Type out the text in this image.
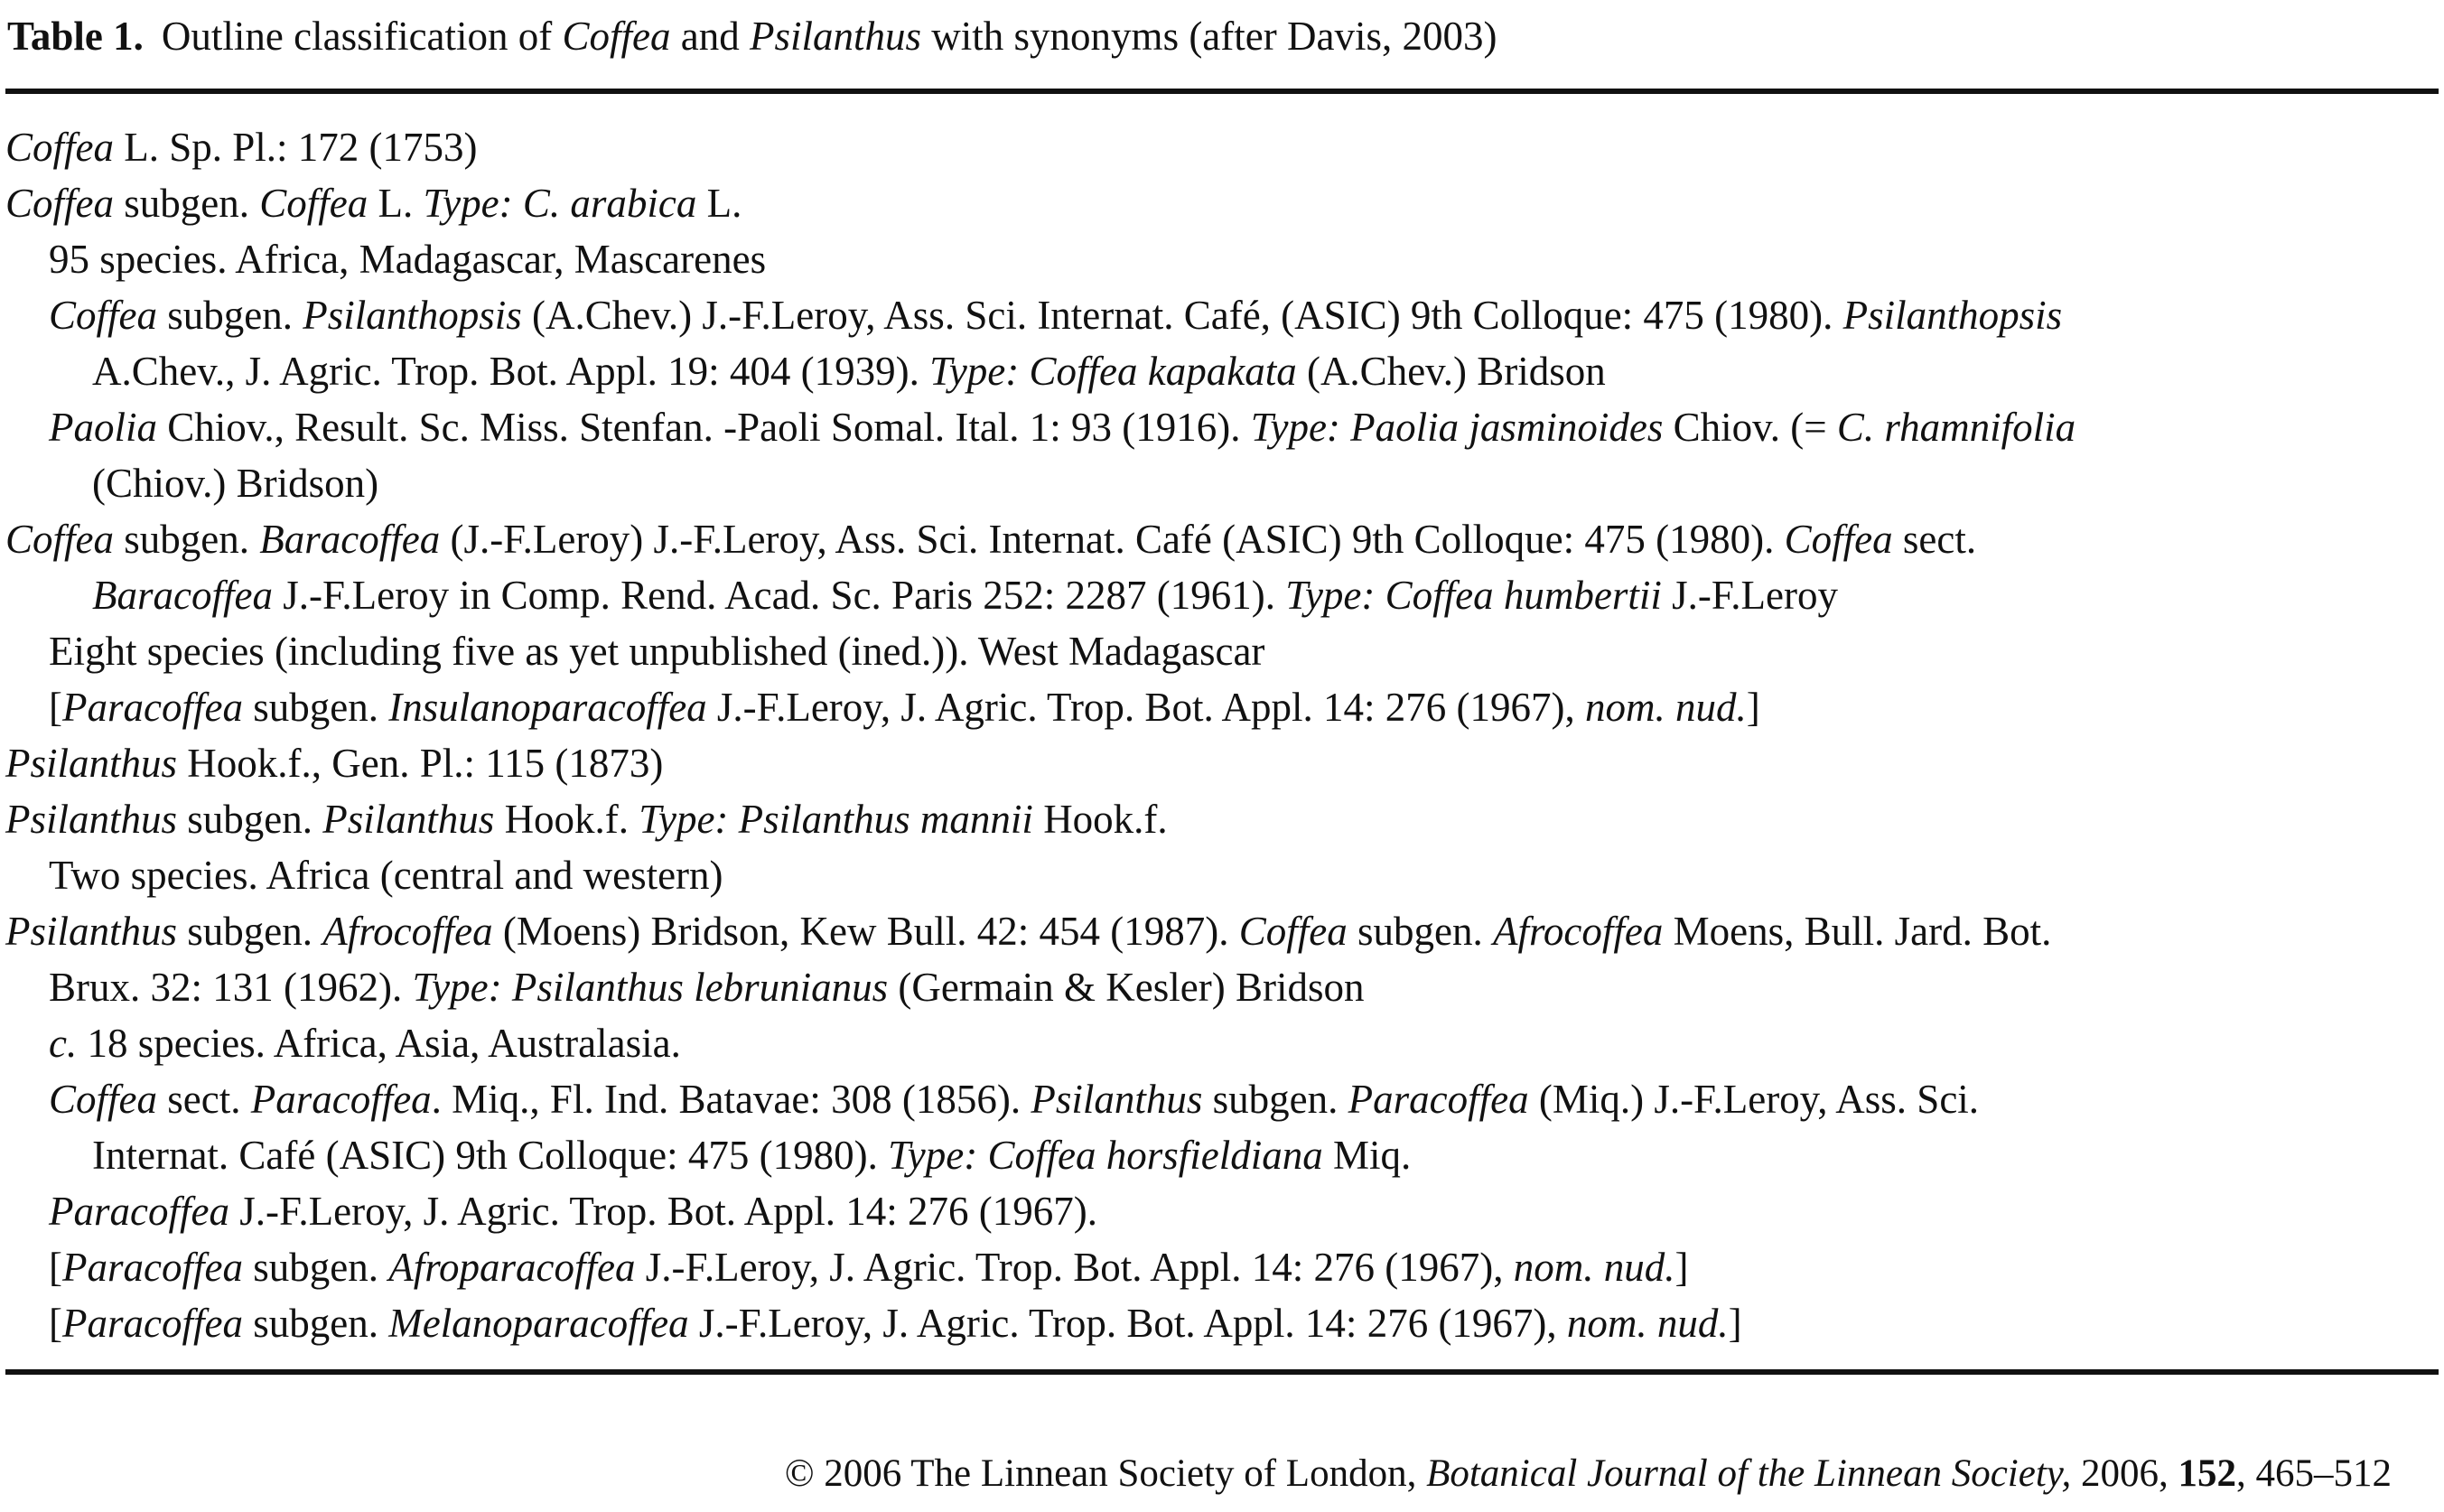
Table 1. Outline classification of Coffea and Psilanthus with synonyms (after Davis, 2003)
Coffea L. Sp. Pl.: 172 (1753)
Coffea subgen. Coffea L. Type: C. arabica L.
95 species. Africa, Madagascar, Mascarenes
Coffea subgen. Psilanthopsis (A.Chev.) J.-F.Leroy, Ass. Sci. Internat. Café, (ASIC) 9th Colloque: 475 (1980). Psilanthopsis
A.Chev., J. Agric. Trop. Bot. Appl. 19: 404 (1939). Type: Coffea kapakata (A.Chev.) Bridson
Paolia Chiov., Result. Sc. Miss. Stenfan. -Paoli Somal. Ital. 1: 93 (1916). Type: Paolia jasminoides Chiov. (= C. rhamnifolia
(Chiov.) Bridson)
Coffea subgen. Baracoffea (J.-F.Leroy) J.-F.Leroy, Ass. Sci. Internat. Café (ASIC) 9th Colloque: 475 (1980). Coffea sect.
Baracoffea J.-F.Leroy in Comp. Rend. Acad. Sc. Paris 252: 2287 (1961). Type: Coffea humbertii J.-F.Leroy
Eight species (including five as yet unpublished (ined.)). West Madagascar
[Paracoffea subgen. Insulanoparacoffea J.-F.Leroy, J. Agric. Trop. Bot. Appl. 14: 276 (1967), nom. nud.]
Psilanthus Hook.f., Gen. Pl.: 115 (1873)
Psilanthus subgen. Psilanthus Hook.f. Type: Psilanthus mannii Hook.f.
Two species. Africa (central and western)
Psilanthus subgen. Afrocoffea (Moens) Bridson, Kew Bull. 42: 454 (1987). Coffea subgen. Afrocoffea Moens, Bull. Jard. Bot.
Brux. 32: 131 (1962). Type: Psilanthus lebrunianus (Germain & Kesler) Bridson
c. 18 species. Africa, Asia, Australasia.
Coffea sect. Paracoffea. Miq., Fl. Ind. Batavae: 308 (1856). Psilanthus subgen. Paracoffea (Miq.) J.-F.Leroy, Ass. Sci.
Internat. Café (ASIC) 9th Colloque: 475 (1980). Type: Coffea horsfieldiana Miq.
Paracoffea J.-F.Leroy, J. Agric. Trop. Bot. Appl. 14: 276 (1967).
[Paracoffea subgen. Afroparacoffea J.-F.Leroy, J. Agric. Trop. Bot. Appl. 14: 276 (1967), nom. nud.]
[Paracoffea subgen. Melanoparacoffea J.-F.Leroy, J. Agric. Trop. Bot. Appl. 14: 276 (1967), nom. nud.]
© 2006 The Linnean Society of London, Botanical Journal of the Linnean Society, 2006, 152, 465–512
